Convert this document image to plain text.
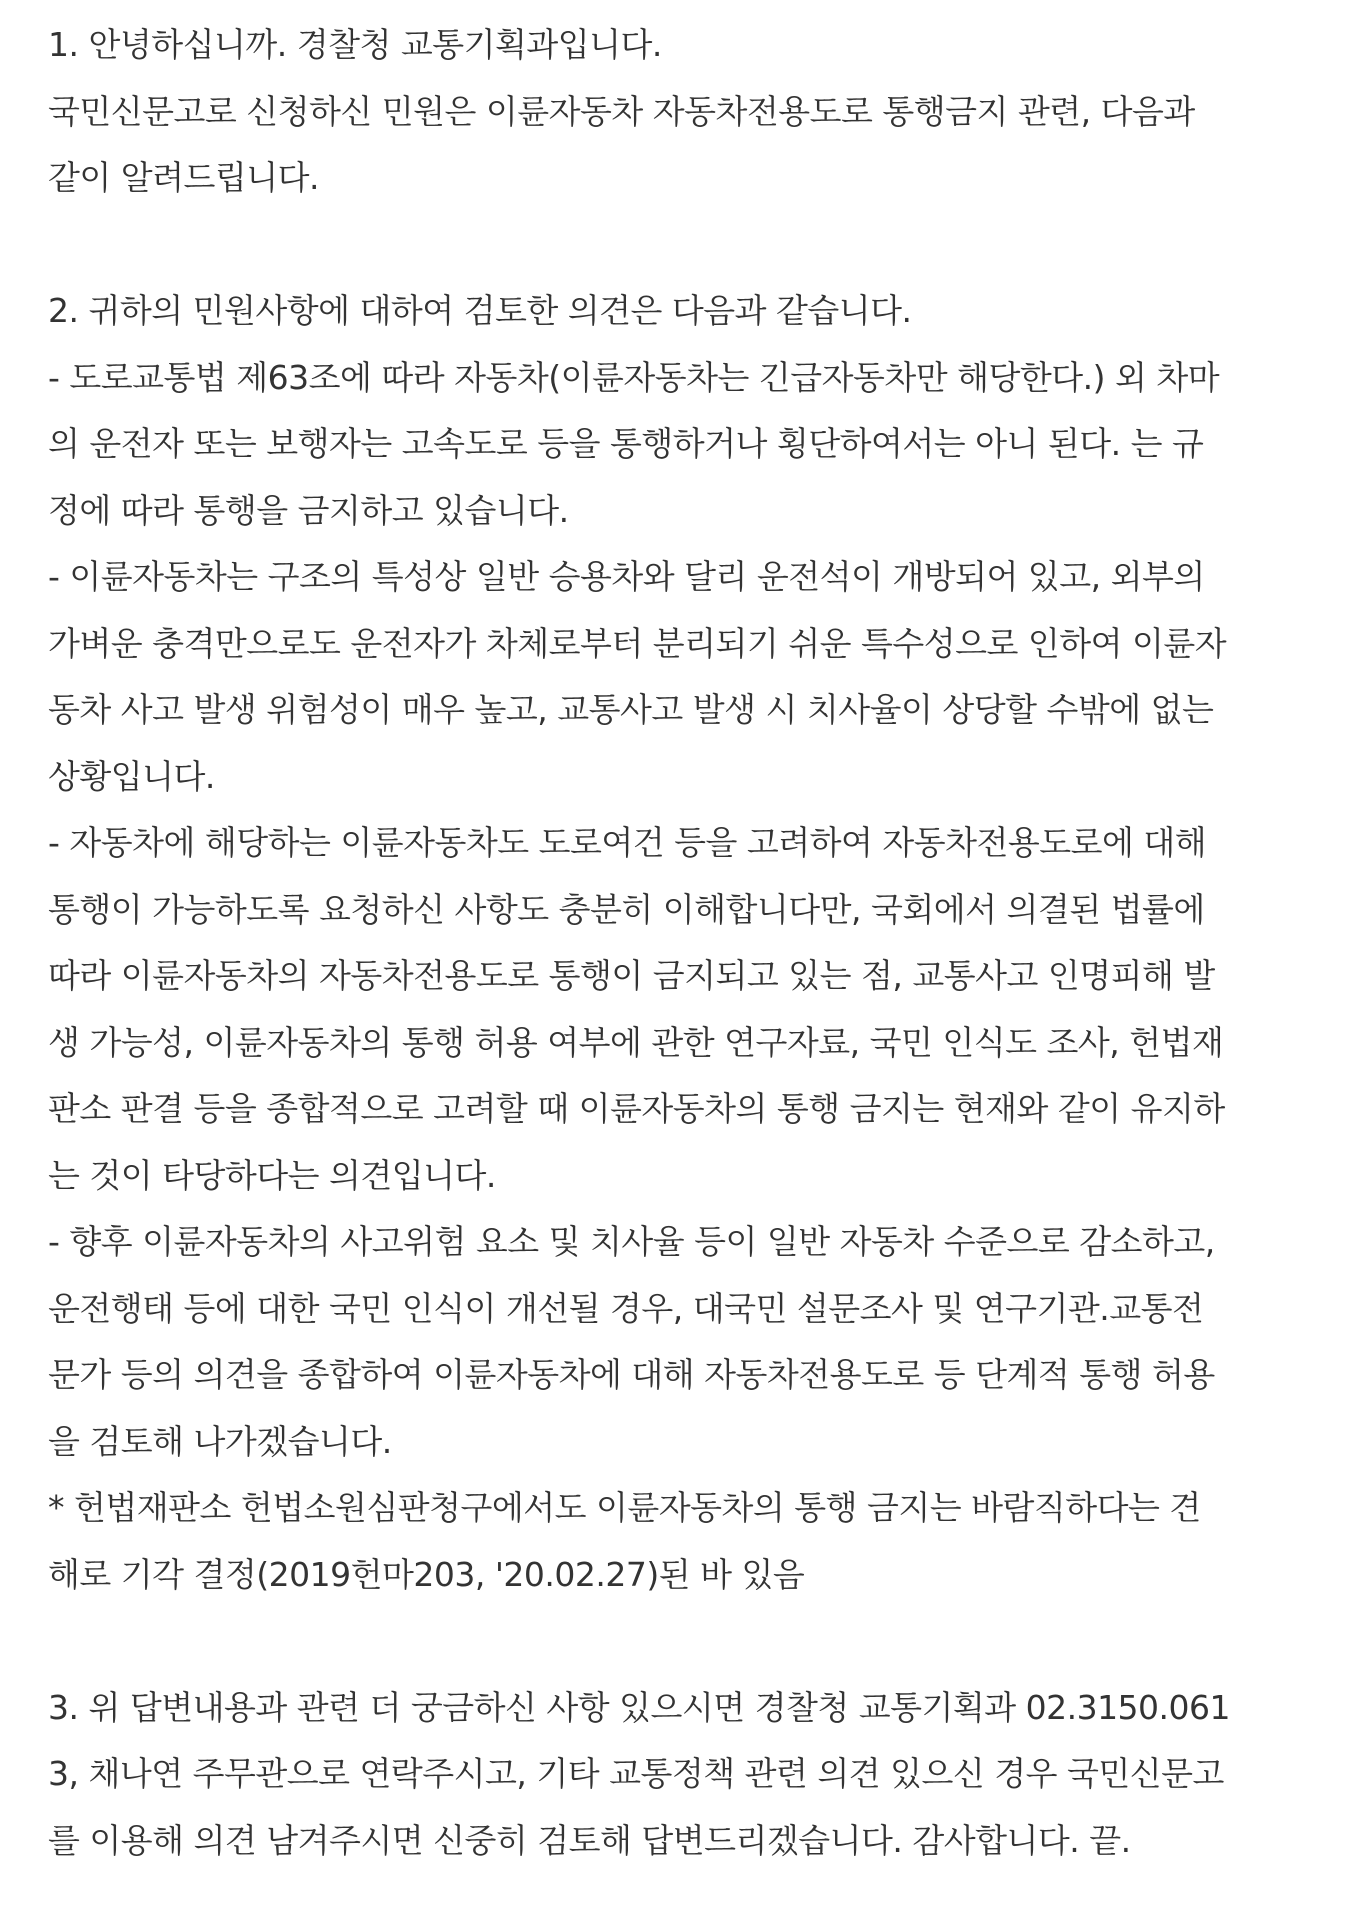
1. 안녕하십니까. 경찰청 교통기획과입니다.
국민신문고로 신청하신 민원은 이륜자동차 자동차전용도로 통행금지 관련, 다음과
같이 알려드립니다.
2. 귀하의 민원사항에 대하여 검토한 의견은 다음과 같습니다.
- 도로교통법 제63조에 따라 자동차(이륜자동차는 긴급자동차만 해당한다.) 외 차마
의 운전자 또는 보행자는 고속도로 등을 통행하거나 횡단하여서는 아니 된다. 는 규
정에 따라 통행을 금지하고 있습니다.
- 이륜자동차는 구조의 특성상 일반 승용차와 달리 운전석이 개방되어 있고, 외부의
가벼운 충격만으로도 운전자가 차체로부터 분리되기 쉬운 특수성으로 인하여 이륜자
동차 사고 발생 위험성이 매우 높고, 교통사고 발생 시 치사율이 상당할 수밖에 없는
상황입니다.
- 자동차에 해당하는 이륜자동차도 도로여건 등을 고려하여 자동차전용도로에 대해
통행이 가능하도록 요청하신 사항도 충분히 이해합니다만, 국회에서 의결된 법률에
따라 이륜자동차의 자동차전용도로 통행이 금지되고 있는 점, 교통사고 인명피해 발
생 가능성, 이륜자동차의 통행 허용 여부에 관한 연구자료, 국민 인식도 조사, 헌법재
판소 판결 등을 종합적으로 고려할 때 이륜자동차의 통행 금지는 현재와 같이 유지하
는 것이 타당하다는 의견입니다.
- 향후 이륜자동차의 사고위험 요소 및 치사율 등이 일반 자동차 수준으로 감소하고,
운전행태 등에 대한 국민 인식이 개선될 경우, 대국민 설문조사 및 연구기관.교통전
문가 등의 의견을 종합하여 이륜자동차에 대해 자동차전용도로 등 단계적 통행 허용
을 검토해 나가겠습니다.
* 헌법재판소 헌법소원심판청구에서도 이륜자동차의 통행 금지는 바람직하다는 견
해로 기각 결정(2019헌마203, '20.02.27)된 바 있음
3. 위 답변내용과 관련 더 궁금하신 사항 있으시면 경찰청 교통기획과 02.3150.061
3, 채나연 주무관으로 연락주시고, 기타 교통정책 관련 의견 있으신 경우 국민신문고
를 이용해 의견 남겨주시면 신중히 검토해 답변드리겠습니다. 감사합니다. 끝.
